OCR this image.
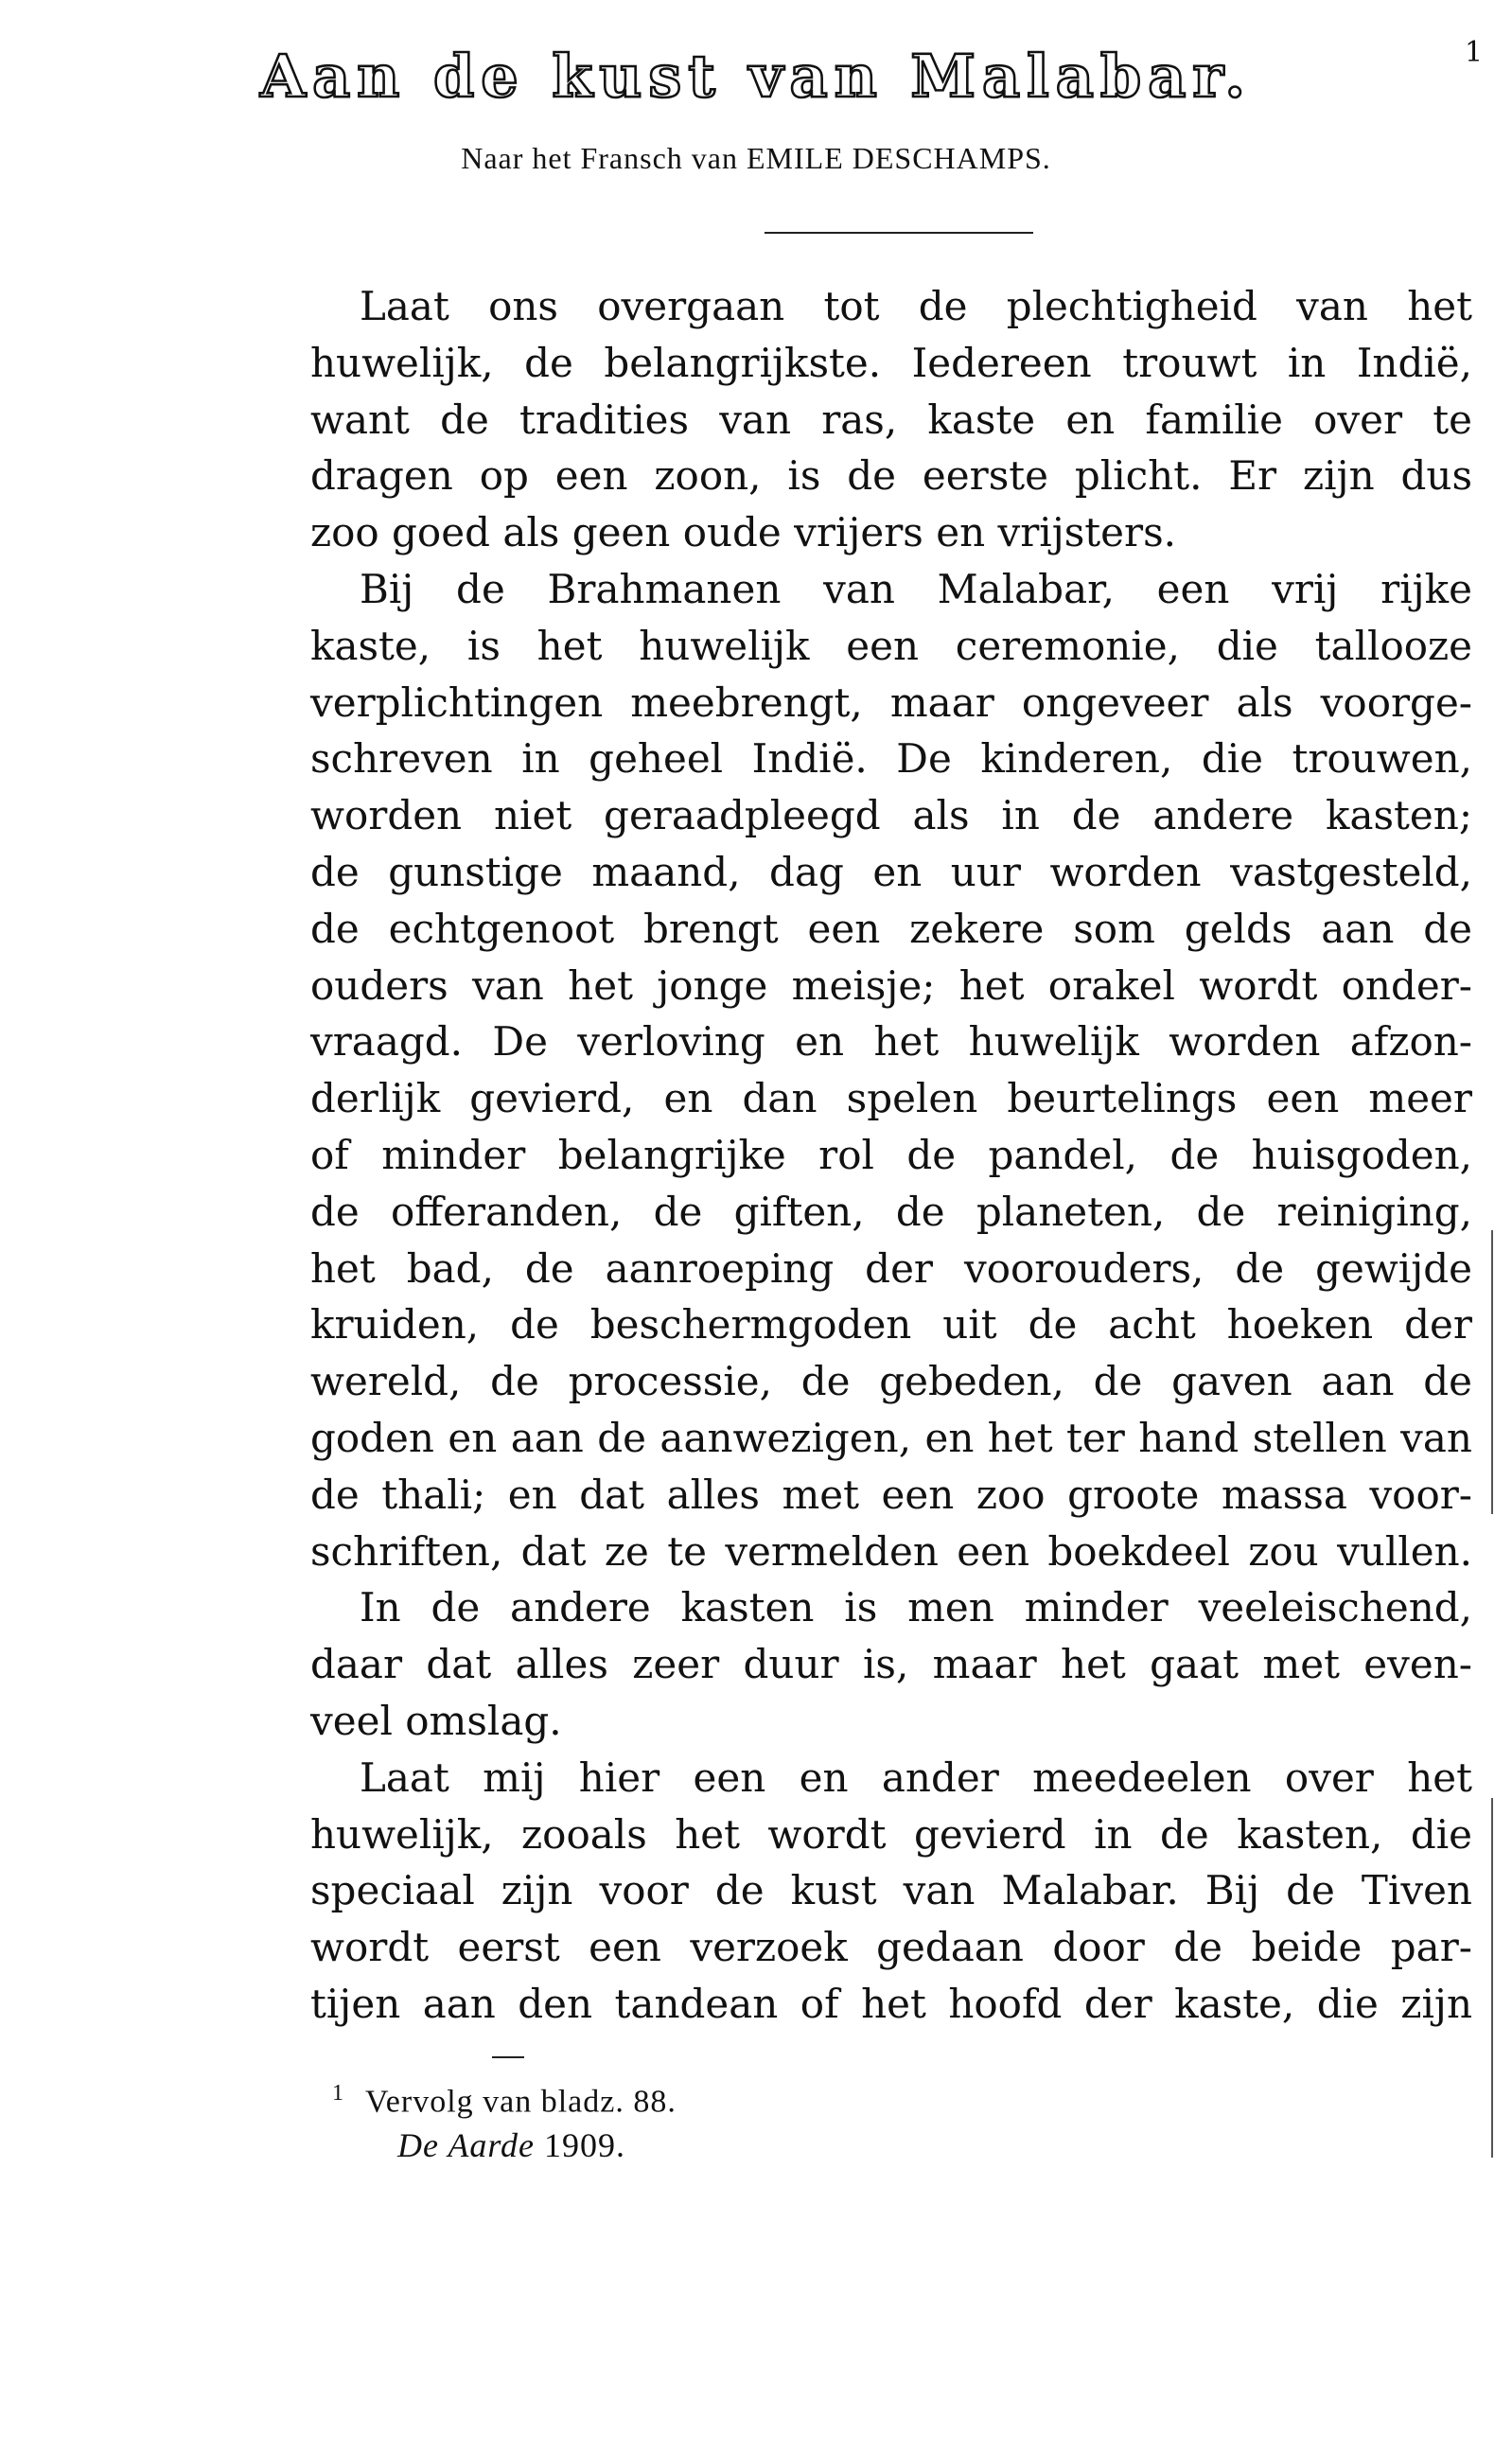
Aan de kust van Malabar.	1
Naar het Fransch van EMILE DESCHAMPS.
Laat ons overgaan tot de plechtigheid van het
huwelijk, de belangrijkste. Iedereen trouwt in Indië,
want de tradities van ras, kaste en familie over te
dragen op een zoon, is de eerste plicht. Er zijn dus
zoo goed als geen oude vrijers en vrijsters.
Bij de Brahmanen van Malabar, een vrij rijke
kaste, is het huwelijk een ceremonie, die tallooze
verplichtingen meebrengt, maar ongeveer als voorge-
schreven in geheel Indië. De kinderen, die trouwen,
worden niet geraadpleegd als in de andere kasten;
de gunstige maand, dag en uur worden vastgesteld,
de echtgenoot brengt een zekere som gelds aan de
ouders van het jonge meisje; het orakel wordt onder-
vraagd. De verloving en het huwelijk worden afzon-
derlijk gevierd, en dan spelen beurtelings een meer
of minder belangrijke rol de pandel, de huisgoden,
de offeranden, de giften, de planeten, de reiniging,
het bad, de aanroeping der voorouders, de gewijde
kruiden, de beschermgoden uit de acht hoeken der
wereld, de processie, de gebeden, de gaven aan de
goden en aan de aanwezigen, en het ter hand stellen van
de thali; en dat alles met een zoo groote massa voor-
schriften, dat ze te vermelden een boekdeel zou vullen.
In de andere kasten is men minder veeleischend,
daar dat alles zeer duur is, maar het gaat met even-
veel omslag.
Laat mij hier een en ander meedeelen over het
huwelijk, zooals het wordt gevierd in de kasten, die
speciaal zijn voor de kust van Malabar. Bij de Tiven
wordt eerst een verzoek gedaan door de beide par-
tijen aan den tandean of het hoofd der kaste, die zijn
$^1$ Vervolg van bladz. 88.
De Aarde 1909.
